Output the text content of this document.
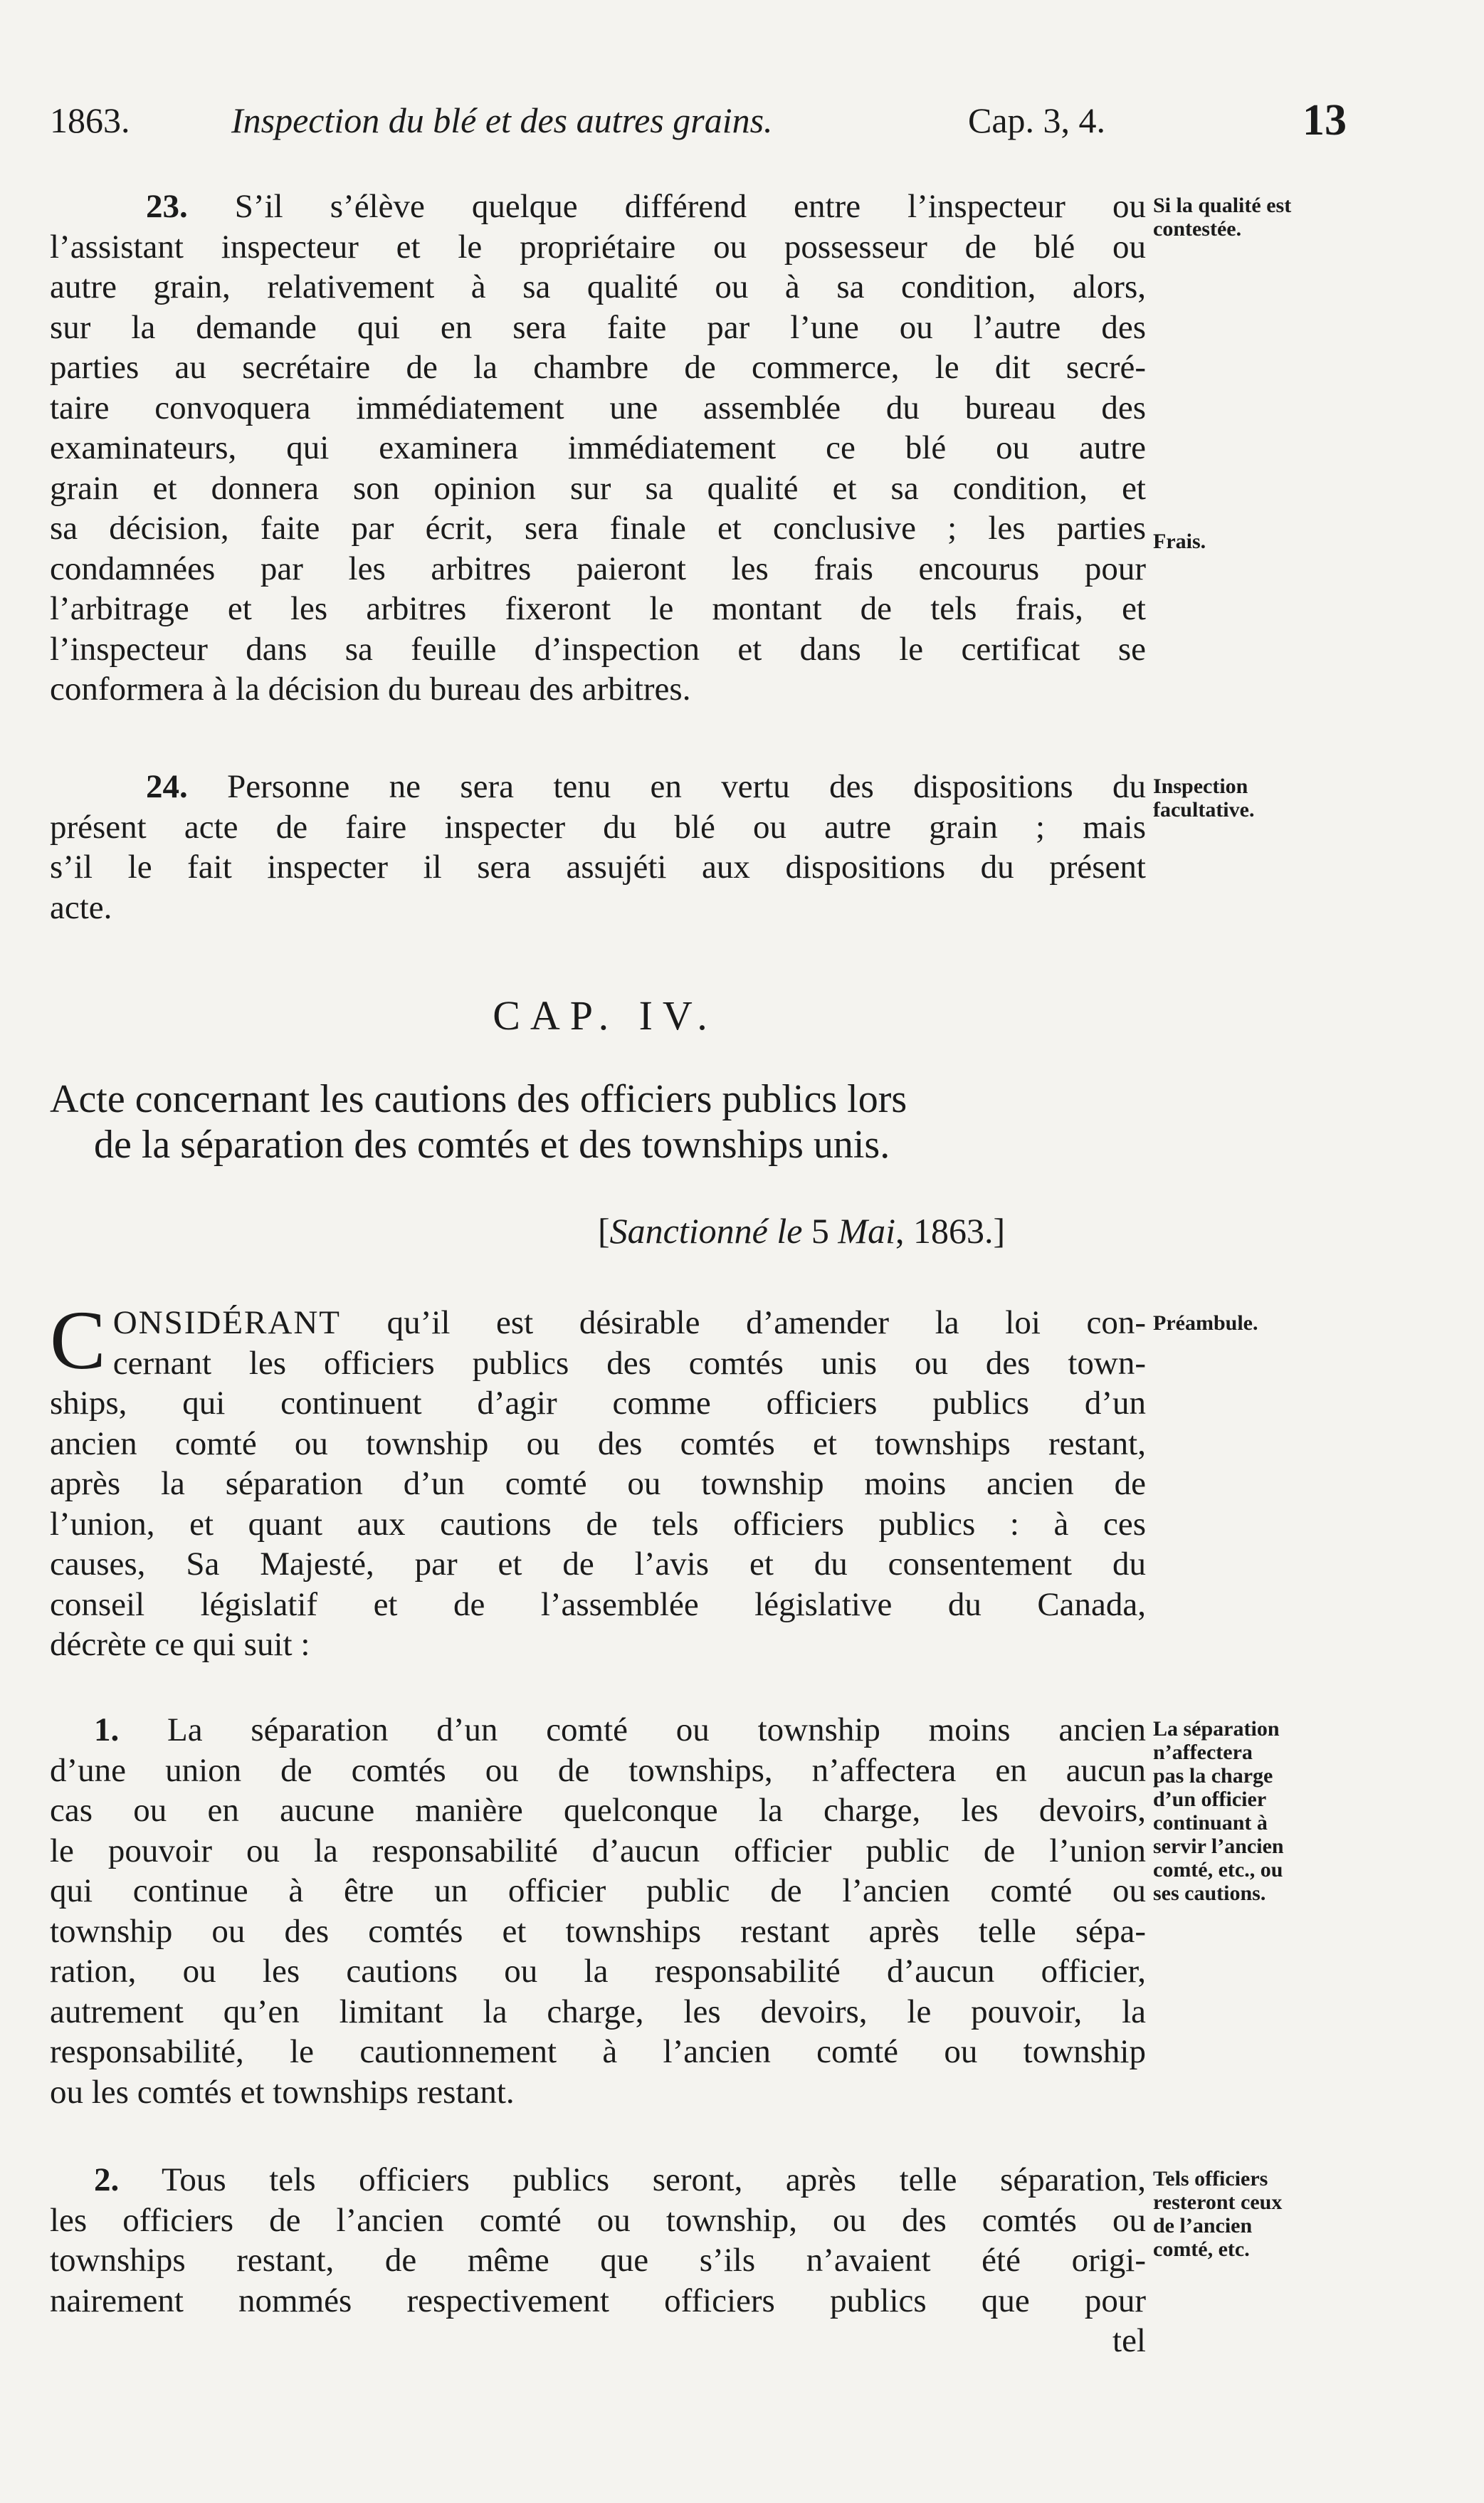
1863.	Inspection du blé et des autres grains.	Cap. 3, 4.	13
23. S’il s’élève quelque différend entre l’inspecteur ou
l’assistant inspecteur et le propriétaire ou possesseur de blé ou
autre grain, relativement à sa qualité ou à sa condition, alors,
sur la demande qui en sera faite par l’une ou l’autre des
parties au secrétaire de la chambre de commerce, le dit secré-
taire convoquera immédiatement une assemblée du bureau des
examinateurs, qui examinera immédiatement ce blé ou autre
grain et donnera son opinion sur sa qualité et sa condition, et
sa décision, faite par écrit, sera finale et conclusive ; les parties
condamnées par les arbitres paieront les frais encourus pour
l’arbitrage et les arbitres fixeront le montant de tels frais, et
l’inspecteur dans sa feuille d’inspection et dans le certificat se
conformera à la décision du bureau des arbitres.
Si la qualité est contestée.
Frais.
24. Personne ne sera tenu en vertu des dispositions du
présent acte de faire inspecter du blé ou autre grain ; mais
s’il le fait inspecter il sera assujéti aux dispositions du présent
acte.
Inspection facultative.
CAP. IV.
Acte concernant les cautions des officiers publics lors
de la séparation des comtés et des townships unis.
[Sanctionné le 5 Mai, 1863.]
C ONSIDÉRANT qu’il est désirable d’amender la loi con-
cernant les officiers publics des comtés unis ou des town-
ships, qui continuent d’agir comme officiers publics d’un
ancien comté ou township ou des comtés et townships restant,
après la séparation d’un comté ou township moins ancien de
l’union, et quant aux cautions de tels officiers publics : à ces
causes, Sa Majesté, par et de l’avis et du consentement du
conseil législatif et de l’assemblée législative du Canada,
décrète ce qui suit :
Préambule.
1. La séparation d’un comté ou township moins ancien
d’une union de comtés ou de townships, n’affectera en aucun
cas ou en aucune manière quelconque la charge, les devoirs,
le pouvoir ou la responsabilité d’aucun officier public de l’union
qui continue à être un officier public de l’ancien comté ou
township ou des comtés et townships restant après telle sépa-
ration, ou les cautions ou la responsabilité d’aucun officier,
autrement qu’en limitant la charge, les devoirs, le pouvoir, la
responsabilité, le cautionnement à l’ancien comté ou township
ou les comtés et townships restant.
La séparation
n’affectera
pas la charge
d’un officier
continuant à
servir l’ancien
comté, etc., ou
ses cautions.
2. Tous tels officiers publics seront, après telle séparation,
les officiers de l’ancien comté ou township, ou des comtés ou
townships restant, de même que s’ils n’avaient été origi-
nairement nommés respectivement officiers publics que pour
tel
Tels officiers
resteront ceux
de l’ancien
comté, etc.
